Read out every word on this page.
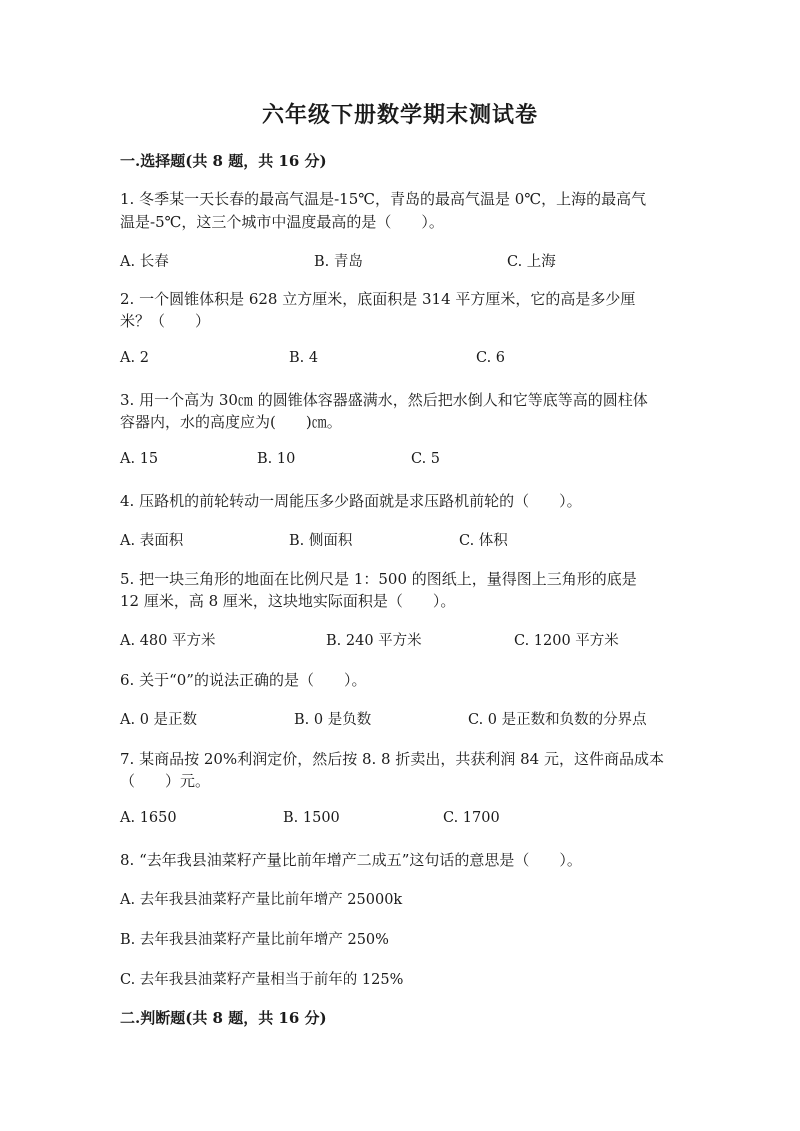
六年级下册数学期末测试卷
一.选择题(共 8 题，共 16 分)
1. 冬季某一天长春的最高气温是-15℃，青岛的最高气温是 0℃，上海的最高气
温是-5℃，这三个城市中温度最高的是（　　）。
A. 长春	B. 青岛	C. 上海
2. 一个圆锥体积是 628 立方厘米，底面积是 314 平方厘米，它的高是多少厘
米？（　　）
A. 2	B. 4	C. 6
3. 用一个高为 30㎝ 的圆锥体容器盛满水，然后把水倒人和它等底等高的圆柱体
容器内，水的高度应为(　　)㎝。
A. 15	B. 10	C. 5
4. 压路机的前轮转动一周能压多少路面就是求压路机前轮的（　　）。
A. 表面积	B. 侧面积	C. 体积
5. 把一块三角形的地面在比例尺是 1：500 的图纸上，量得图上三角形的底是
12 厘米，高 8 厘米，这块地实际面积是（　　）。
A. 480 平方米	B. 240 平方米	C. 1200 平方米
6. 关于“0”的说法正确的是（　　）。
A. 0 是正数	B. 0 是负数	C. 0 是正数和负数的分界点
7. 某商品按 20%利润定价，然后按 8. 8 折卖出，共获利润 84 元，这件商品成本
（　　）元。
A. 1650	B. 1500	C. 1700
8. “去年我县油菜籽产量比前年增产二成五”这句话的意思是（　　）。
A. 去年我县油菜籽产量比前年增产 25000k
B. 去年我县油菜籽产量比前年增产 250%
C. 去年我县油菜籽产量相当于前年的 125%
二.判断题(共 8 题，共 16 分)
